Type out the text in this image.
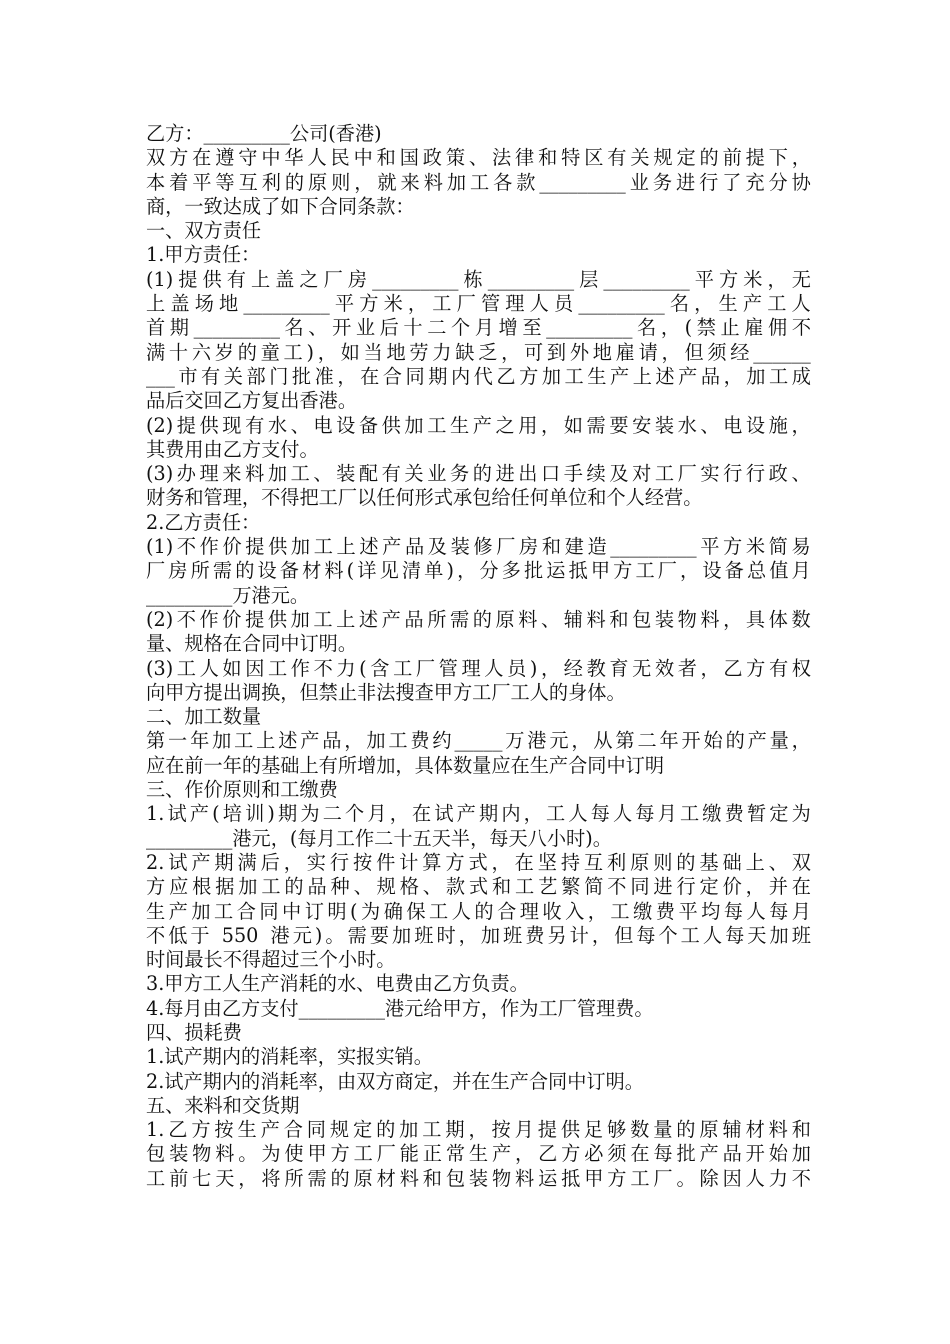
乙方：_________公司(香港)
双 方 在 遵 守 中 华 人 民 中 和 国 政 策 、 法 律 和 特 区 有 关 规 定 的 前 提 下 ，
本 着 平 等 互 利 的 原 则 ， 就 来 料 加 工 各 款 _________ 业 务 进 行 了 充 分 协
商，一致达成了如下合同条款：
一、双方责任
1.甲方责任：
(1) 提 供 有 上 盖 之 厂 房 _________ 栋 _________ 层 _________ 平 方 米 ， 无
上 盖 场 地 _________ 平 方 米 ， 工 厂 管 理 人 员 _________ 名 ， 生 产 工 人
首 期 _________ 名 、 开 业 后 十 二 个 月 增 至 _________ 名 ， ( 禁 止 雇 佣 不
满 十 六 岁 的 童 工 ) ， 如 当 地 劳 力 缺 乏 ， 可 到 外 地 雇 请 ， 但 须 经 ______
___ 市 有 关 部 门 批 准 ， 在 合 同 期 内 代 乙 方 加 工 生 产 上 述 产 品 ， 加 工 成
品后交回乙方复出香港。
(2) 提 供 现 有 水 、 电 设 备 供 加 工 生 产 之 用 ， 如 需 要 安 装 水 、 电 设 施 ，
其费用由乙方支付。
(3) 办 理 来 料 加 工 、 装 配 有 关 业 务 的 进 出 口 手 续 及 对 工 厂 实 行 行 政 、
财务和管理，不得把工厂以任何形式承包给任何单位和个人经营。
2.乙方责任：
(1) 不 作 价 提 供 加 工 上 述 产 品 及 装 修 厂 房 和 建 造 _________ 平 方 米 简 易
厂 房 所 需 的 设 备 材 料 ( 详 见 清 单 ) ， 分 多 批 运 抵 甲 方 工 厂 ， 设 备 总 值 月
_________万港元。
(2) 不 作 价 提 供 加 工 上 述 产 品 所 需 的 原 料 、 辅 料 和 包 装 物 料 ， 具 体 数
量、规格在合同中订明。
(3) 工 人 如 因 工 作 不 力 ( 含 工 厂 管 理 人 员 ) ， 经 教 育 无 效 者 ， 乙 方 有 权
向甲方提出调换，但禁止非法搜查甲方工厂工人的身体。
二、加工数量
第 一 年 加 工 上 述 产 品 ， 加 工 费 约 _____ 万 港 元 ， 从 第 二 年 开 始 的 产 量 ，
应在前一年的基础上有所增加，具体数量应在生产合同中订明
三、作价原则和工缴费
1. 试 产 ( 培 训 ) 期 为 二 个 月 ， 在 试 产 期 内 ， 工 人 每 人 每 月 工 缴 费 暂 定 为
_________港元，(每月工作二十五天半，每天八小时)。
2. 试 产 期 满 后 ， 实 行 按 件 计 算 方 式 ， 在 坚 持 互 利 原 则 的 基 础 上 、 双
方 应 根 据 加 工 的 品 种 、 规 格 、 款 式 和 工 艺 繁 简 不 同 进 行 定 价 ， 并 在
生 产 加 工 合 同 中 订 明 ( 为 确 保 工 人 的 合 理 收 入 ， 工 缴 费 平 均 每 人 每 月
不 低 于
550
港 元 ) 。 需 要 加 班 时 ， 加 班 费 另 计 ， 但 每 个 工 人 每 天 加 班
时间最长不得超过三个小时。
3.甲方工人生产消耗的水、电费由乙方负责。
4.每月由乙方支付_________港元给甲方，作为工厂管理费。
四、损耗费
1.试产期内的消耗率，实报实销。
2.试产期内的消耗率，由双方商定，并在生产合同中订明。
五、来料和交货期
1. 乙 方 按 生 产 合 同 规 定 的 加 工 期 ， 按 月 提 供 足 够 数 量 的 原 辅 材 料 和
包 装 物 料 。 为 使 甲 方 工 厂 能 正 常 生 产 ， 乙 方 必 须 在 每 批 产 品 开 始 加
工 前 七 天 ， 将 所 需 的 原 材 料 和 包 装 物 料 运 抵 甲 方 工 厂 。 除 因 人 力 不
